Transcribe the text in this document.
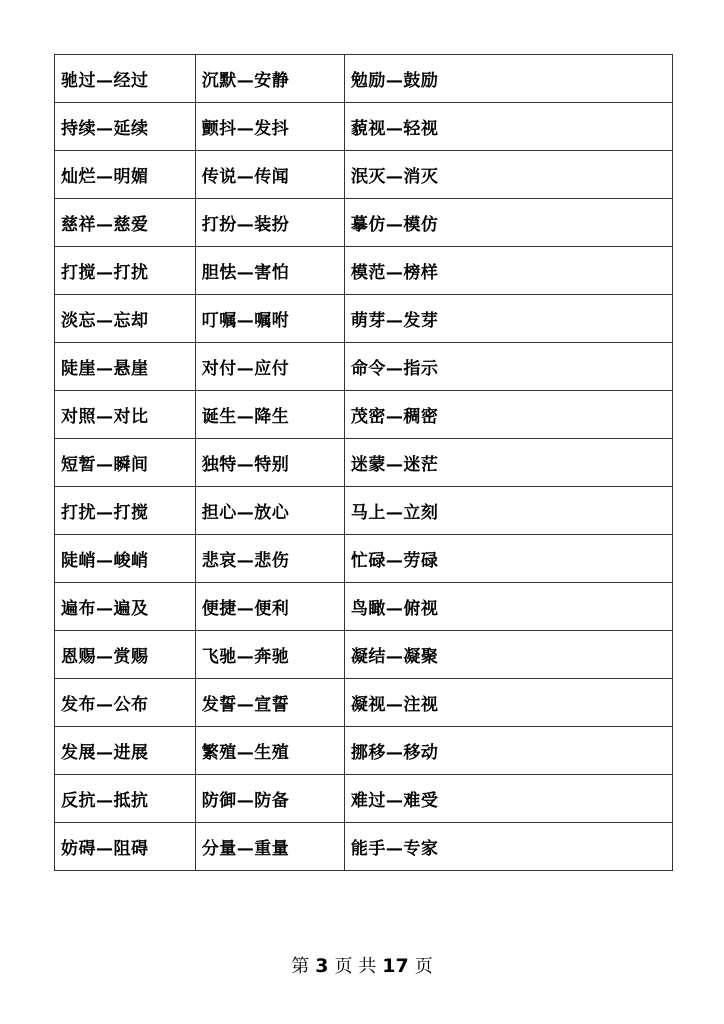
驰过—经过	沉默—安静	勉励—鼓励
持续—延续	颤抖—发抖	藐视—轻视
灿烂—明媚	传说—传闻	泯灭—消灭
慈祥—慈爱	打扮—装扮	摹仿—模仿
打搅—打扰	胆怯—害怕	模范—榜样
淡忘—忘却	叮嘱—嘱咐	萌芽—发芽
陡崖—悬崖	对付—应付	命令—指示
对照—对比	诞生—降生	茂密—稠密
短暂—瞬间	独特—特别	迷蒙—迷茫
打扰—打搅	担心—放心	马上—立刻
陡峭—峻峭	悲哀—悲伤	忙碌—劳碌
遍布—遍及	便捷—便利	鸟瞰—俯视
恩赐—赏赐	飞驰—奔驰	凝结—凝聚
发布—公布	发誓—宣誓	凝视—注视
发展—进展	繁殖—生殖	挪移—移动
反抗—抵抗	防御—防备	难过—难受
妨碍—阻碍	分量—重量	能手—专家
第 3 页 共 17 页
